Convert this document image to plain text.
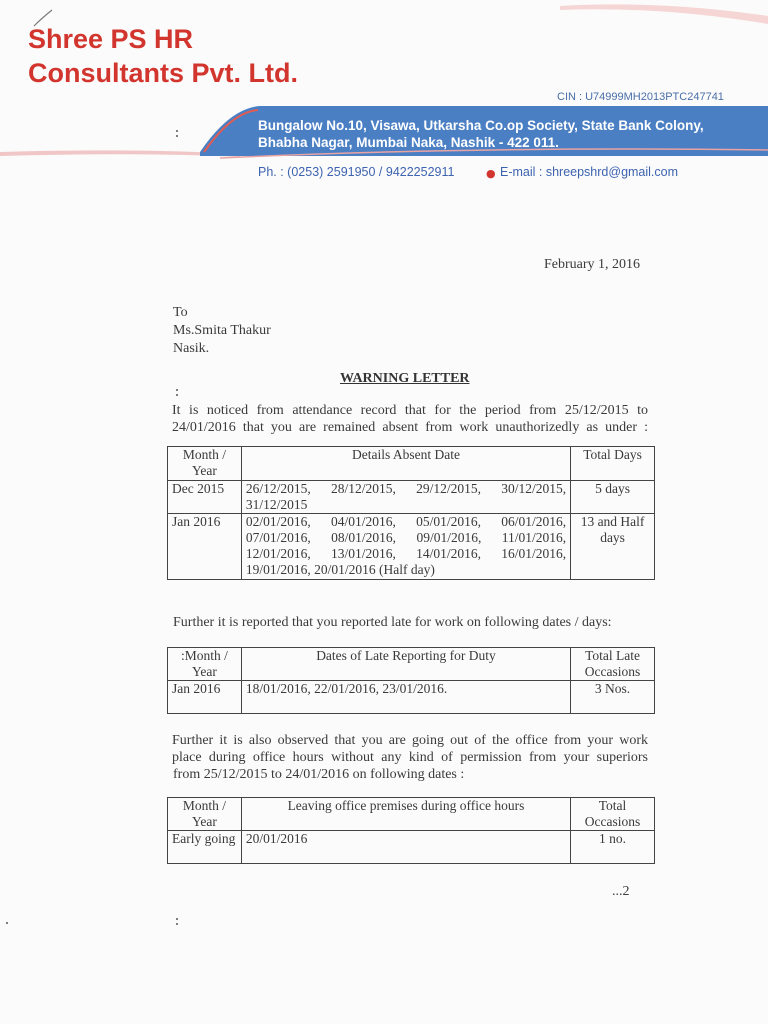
Shree PS HR
Consultants Pvt. Ltd.
CIN : U74999MH2013PTC247741
Bungalow No.10, Visawa, Utkarsha Co.op Society, State Bank Colony,
Bhabha Nagar, Mumbai Naka, Nashik - 422 011.
Ph. : (0253) 2591950 / 9422252911	● E-mail : shreepshrd@gmail.com
February 1, 2016
To
Ms.Smita Thakur
Nasik.
WARNING LETTER
It is noticed from attendance record that for the period from 25/12/2015 to
24/01/2016 that you are remained absent from work unauthorizedly as under :
Month / Year	Details Absent Date	Total Days
Dec 2015	26/12/2015, 28/12/2015, 29/12/2015, 30/12/2015, 31/12/2015	5 days
Jan 2016	02/01/2016, 04/01/2016, 05/01/2016, 06/01/2016, 07/01/2016, 08/01/2016, 09/01/2016, 11/01/2016, 12/01/2016, 13/01/2016, 14/01/2016, 16/01/2016, 19/01/2016, 20/01/2016 (Half day)	13 and Half days
Further it is reported that you reported late for work on following dates / days:
:Month / Year	Dates of Late Reporting for Duty	Total Late Occasions
Jan 2016	18/01/2016, 22/01/2016, 23/01/2016.	3 Nos.
Further it is also observed that you are going out of the office from your work
place during office hours without any kind of permission from your superiors
from 25/12/2015 to 24/01/2016 on following dates :
Month / Year	Leaving office premises during office hours	Total Occasions
Early going	20/01/2016	1 no.
...2
